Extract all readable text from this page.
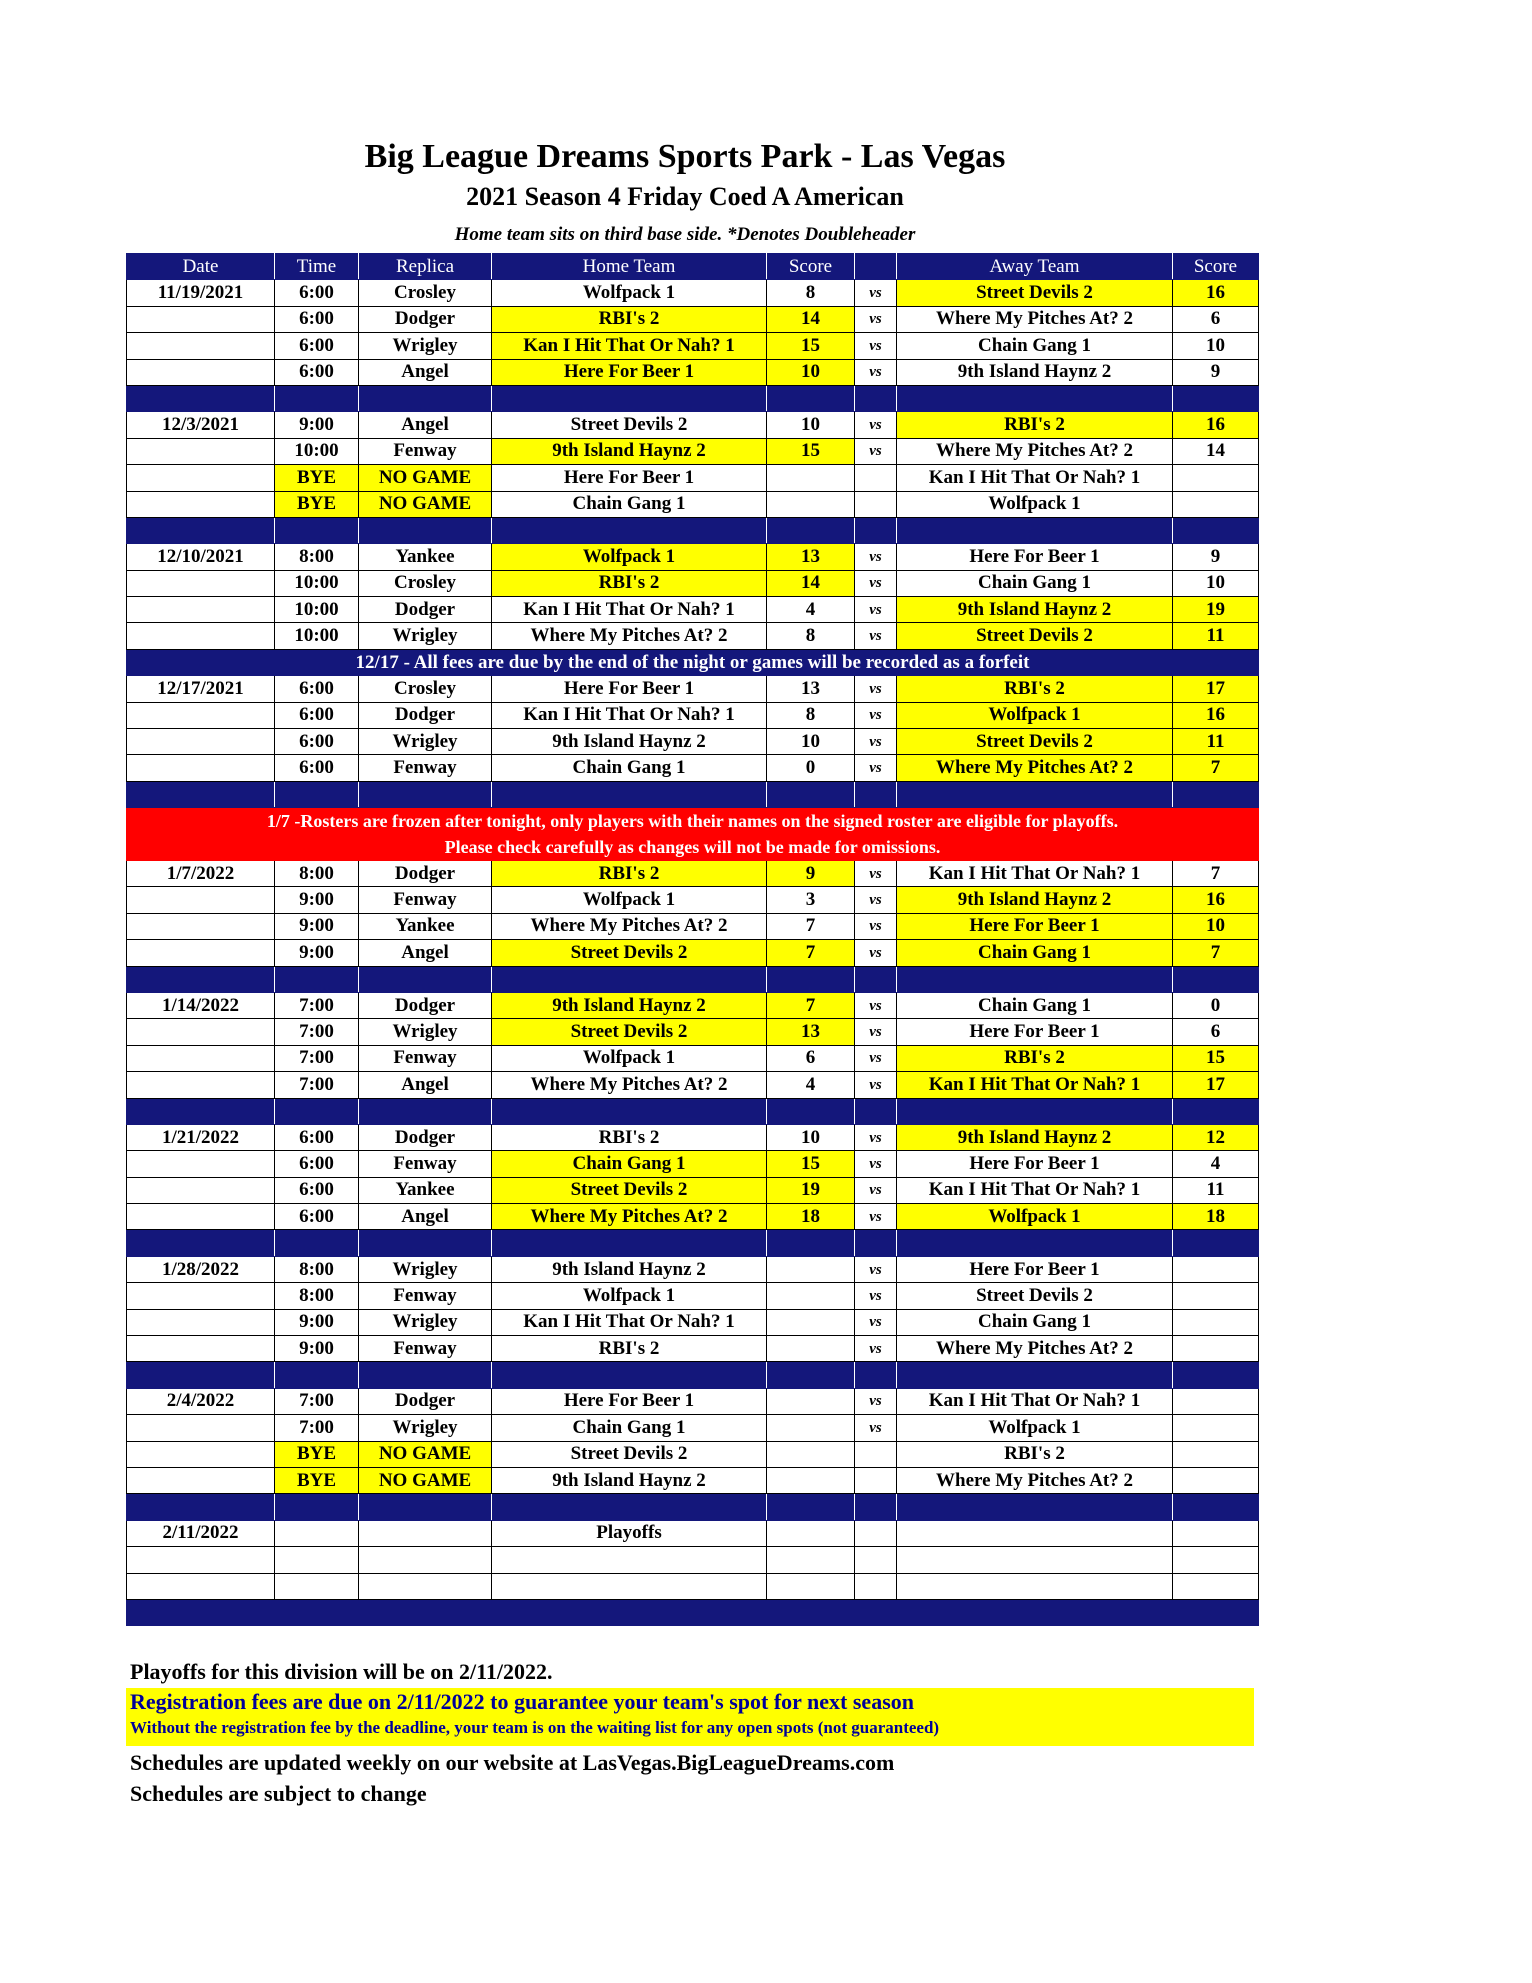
Big League Dreams Sports Park - Las Vegas
2021 Season 4 Friday Coed A American
Home team sits on third base side. *Denotes Doubleheader
Date	Time	Replica	Home Team	Score		Away Team	Score
11/19/2021	6:00	Crosley	Wolfpack 1	8	vs	Street Devils 2	16
	6:00	Dodger	RBI's 2	14	vs	Where My Pitches At? 2	6
	6:00	Wrigley	Kan I Hit That Or Nah? 1	15	vs	Chain Gang 1	10
	6:00	Angel	Here For Beer 1	10	vs	9th Island Haynz 2	9

12/3/2021	9:00	Angel	Street Devils 2	10	vs	RBI's 2	16
	10:00	Fenway	9th Island Haynz 2	15	vs	Where My Pitches At? 2	14
	BYE	NO GAME	Here For Beer 1			Kan I Hit That Or Nah? 1	
	BYE	NO GAME	Chain Gang 1			Wolfpack 1	

12/10/2021	8:00	Yankee	Wolfpack 1	13	vs	Here For Beer 1	9
	10:00	Crosley	RBI's 2	14	vs	Chain Gang 1	10
	10:00	Dodger	Kan I Hit That Or Nah? 1	4	vs	9th Island Haynz 2	19
	10:00	Wrigley	Where My Pitches At? 2	8	vs	Street Devils 2	11
12/17 - All fees are due by the end of the night or games will be recorded as a forfeit							
12/17/2021	6:00	Crosley	Here For Beer 1	13	vs	RBI's 2	17
	6:00	Dodger	Kan I Hit That Or Nah? 1	8	vs	Wolfpack 1	16
	6:00	Wrigley	9th Island Haynz 2	10	vs	Street Devils 2	11
	6:00	Fenway	Chain Gang 1	0	vs	Where My Pitches At? 2	7

1/7 -Rosters are frozen after tonight, only players with their names on the signed roster are eligible for playoffs.							
Please check carefully as changes will not be made for omissions.							
1/7/2022	8:00	Dodger	RBI's 2	9	vs	Kan I Hit That Or Nah? 1	7
	9:00	Fenway	Wolfpack 1	3	vs	9th Island Haynz 2	16
	9:00	Yankee	Where My Pitches At? 2	7	vs	Here For Beer 1	10
	9:00	Angel	Street Devils 2	7	vs	Chain Gang 1	7

1/14/2022	7:00	Dodger	9th Island Haynz 2	7	vs	Chain Gang 1	0
	7:00	Wrigley	Street Devils 2	13	vs	Here For Beer 1	6
	7:00	Fenway	Wolfpack 1	6	vs	RBI's 2	15
	7:00	Angel	Where My Pitches At? 2	4	vs	Kan I Hit That Or Nah? 1	17

1/21/2022	6:00	Dodger	RBI's 2	10	vs	9th Island Haynz 2	12
	6:00	Fenway	Chain Gang 1	15	vs	Here For Beer 1	4
	6:00	Yankee	Street Devils 2	19	vs	Kan I Hit That Or Nah? 1	11
	6:00	Angel	Where My Pitches At? 2	18	vs	Wolfpack 1	18

1/28/2022	8:00	Wrigley	9th Island Haynz 2		vs	Here For Beer 1	
	8:00	Fenway	Wolfpack 1		vs	Street Devils 2	
	9:00	Wrigley	Kan I Hit That Or Nah? 1		vs	Chain Gang 1	
	9:00	Fenway	RBI's 2		vs	Where My Pitches At? 2	

2/4/2022	7:00	Dodger	Here For Beer 1		vs	Kan I Hit That Or Nah? 1	
	7:00	Wrigley	Chain Gang 1		vs	Wolfpack 1	
	BYE	NO GAME	Street Devils 2			RBI's 2	
	BYE	NO GAME	9th Island Haynz 2			Where My Pitches At? 2	

2/11/2022			Playoffs				

Playoffs for this division will be on 2/11/2022.
Registration fees are due on 2/11/2022 to guarantee your team's spot for next season
Without the registration fee by the deadline, your team is on the waiting list for any open spots (not guaranteed)
Schedules are updated weekly on our website at LasVegas.BigLeagueDreams.com
Schedules are subject to change
